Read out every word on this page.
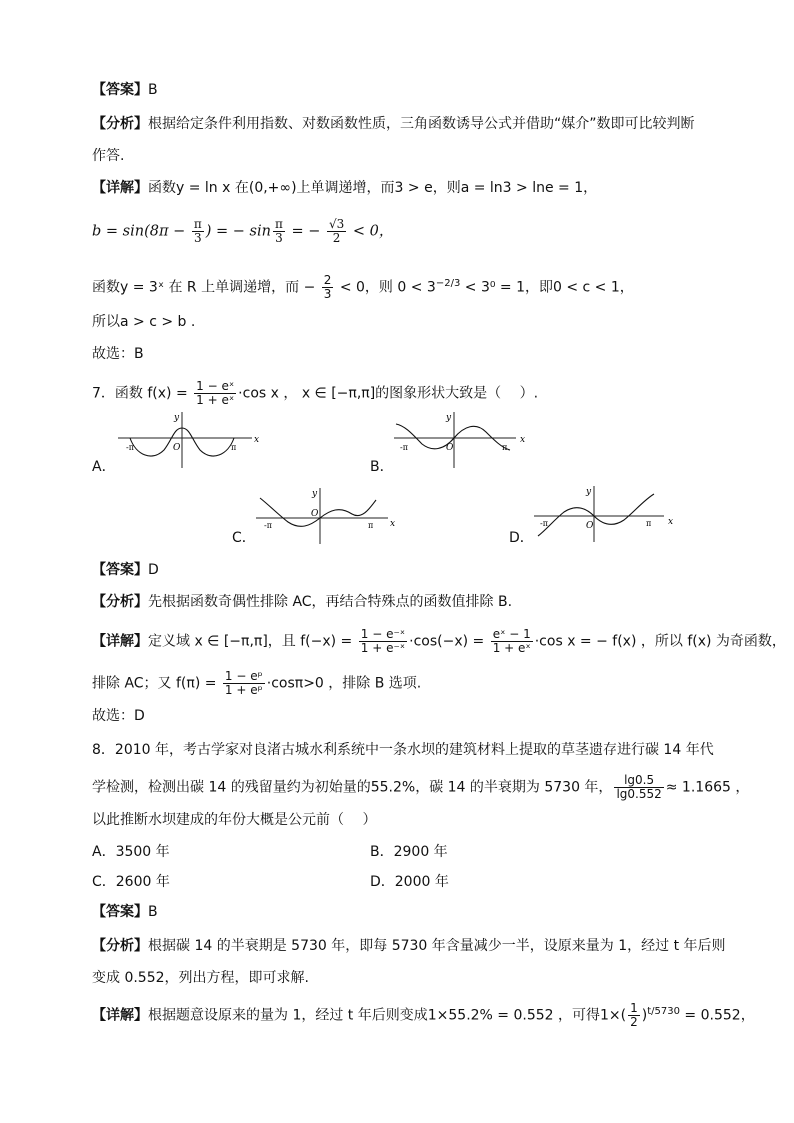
【答案】B
【分析】根据给定条件利用指数、对数函数性质，三角函数诱导公式并借助“媒介”数即可比较判断
作答.
【详解】函数y = ln x 在(0,+∞)上单调递增，而3 > e，则a = ln3 > lne = 1，
$b = \sin(8\pi - \frac{\pi}{3}$ ) = − $\sin \frac{\pi}{3}$ = − $\frac{√3}{2} < 0$，
函数y = 3ˣ 在 R 上单调递增，而 − $\frac{2}{3} < 0$，则 $0 < 3^{-2/3} < 3^0 = 1$，即0 < c < 1，
所以a > c > b .
故选：B
7．函数 $f(x) = \frac{\text{1 − eˣ}}{\text{1 + eˣ}} \cdot\cos$ x ， x ∈ [−π,π]的图象形状大致是（　 ）.
A．
x
y
O
-π	π
B．
x
y
O
-π	π
C．
x
y
O
-π	π
D．
x
y
O
-π	π
【答案】D
【分析】先根据函数奇偶性排除 AC，再结合特殊点的函数值排除 B.
【详解】定义域 x ∈ [−π,π]，且 $f(-x) = \frac{\text{1 − e⁻ˣ}}{\text{1 + e⁻ˣ}} \cdot\cos(-x) = \frac{\text{eˣ − 1}}{\text{1 + eˣ}} \cdot\cos$ x = − f(x) ，所以 f(x) 为奇函数，
排除 AC；又 $f(\pi) = \frac{\text{1 − eᵖ}}{\text{1 + eᵖ}} \cdot\cos\pi>0$ ，排除 B 选项.
故选：D
8．2010 年，考古学家对良渚古城水利系统中一条水坝的建筑材料上提取的草茎遗存进行碳 14 年代
学检测，检测出碳 14 的残留量约为初始量的55.2%，碳 14 的半衰期为 5730 年， $\frac{\lg 0.5}{\lg 0.552} \approx 1.1665$ ，
以此推断水坝建成的年份大概是公元前（　 ）
A．3500 年	B．2900 年
C．2600 年	D．2000 年
【答案】B
【分析】根据碳 14 的半衰期是 5730 年，即每 5730 年含量减少一半，设原来量为 1，经过 t 年后则
变成 0.552，列出方程，即可求解.
【详解】根据题意设原来的量为 1，经过 t 年后则变成1×55.2% = 0.552 ，可得$1\times( \frac{1}{2} )^{t/5730} = 0.552$，
